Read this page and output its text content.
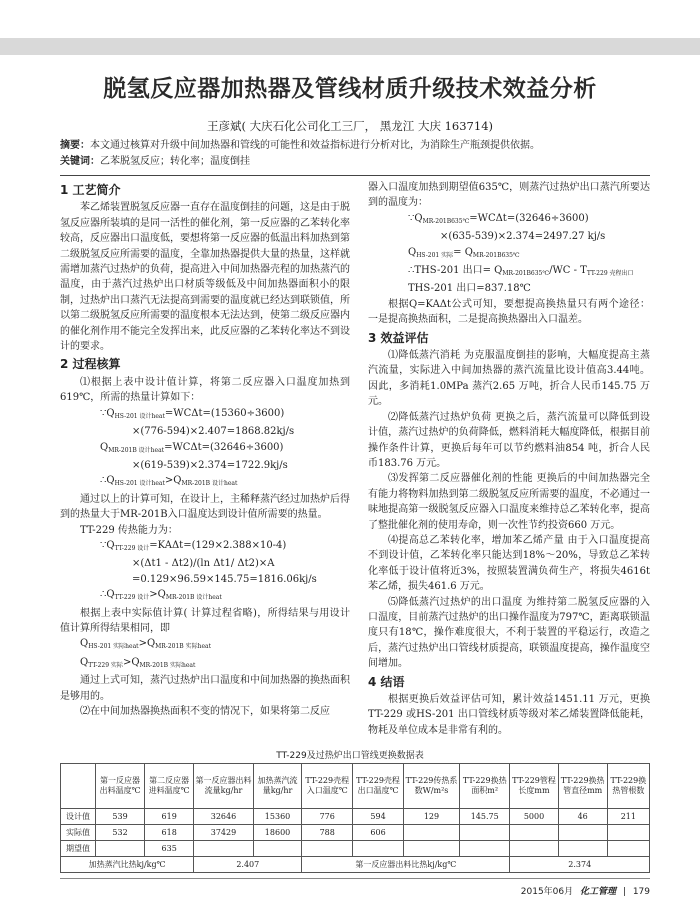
脱氢反应器加热器及管线材质升级技术效益分析
王彦斌( 大庆石化公司化工三厂， 黑龙江 大庆 163714)
摘要：本文通过核算对升级中间加热器和管线的可能性和效益指标进行分析对比，为消除生产瓶颈提供依据。
关键词：乙苯脱氢反应；转化率；温度倒挂
1 工艺简介

苯乙烯装置脱氢反应器一直存在温度倒挂的问题，这是由于脱氢反应器所装填的是同一活性的催化剂，第一反应器的乙苯转化率较高，反应器出口温度低，要想将第一反应器的低温出料加热到第二级脱氢反应所需要的温度，全靠加热器提供大量的热量，这样就需增加蒸汽过热炉的负荷，提高进入中间加热器壳程的加热蒸汽的温度，由于蒸汽过热炉出口材质等级低及中间加热器面积小的限制，过热炉出口蒸汽无法提高到需要的温度就已经达到联锁值，所以第二级脱氢反应所需要的温度根本无法达到，使第二级反应器内的催化剂作用不能完全发挥出来，此反应器的乙苯转化率达不到设计的要求。

2 过程核算

⑴根据上表中设计值计算，将第二反应器入口温度加热到619℃，所需的热量计算如下：

$\because Q_{HS-201 设计heat}=WC\Delta t=(15360\div 3600)$

×(776-594)×2.407=1868.82kj/s

$Q_{MR-201B 设计heat}=WC\Delta t=(32646\div 3600)$

×(619-539)×2.374=1722.9kj/s

$\therefore Q_{HS-201 设计heat}>Q_{MR-201B 设计heat}$

通过以上的计算可知，在设计上，主稀释蒸汽经过加热炉后得到的热量大于MR-201B入口温度达到设计值所需要的热量。

TT-229 传热能力为：

$\because Q_{TT-229 设计}=KA\Delta t=(129\times 2.388\times 10-4)$

×(Δt1 - Δt2)/(ln Δt1/ Δt2)×A

=0.129×96.59×145.75=1816.06kj/s

$\therefore Q_{TT-229 设计}>Q_{MR-201B 设计heat}$

根据上表中实际值计算( 计算过程省略)，所得结果与用设计值计算所得结果相同，即

$Q_{HS-201 实际heat}>Q_{MR-201B 实际heat}$

$Q_{TT-229 实际}>Q_{MR-201B 实际heat}$

通过上式可知，蒸汽过热炉出口温度和中间加热器的换热面积是够用的。

⑵在中间加热器换热面积不变的情况下，如果将第二反应

器入口温度加热到期望值635℃，则蒸汽过热炉出口蒸汽所要达到的温度为：

$\because Q_{MR-201B635℃}=WC\Delta t=(32646\div 3600)$

×(635-539)×2.374=2497.27 kj/s

$Q_{HS-201 实际}= Q_{MR-201B635℃}$

∴THS-201 出口= $Q_{MR-201B635℃}/WC - T_{TT-229 壳程出口}$

THS-201 出口=837.18℃

根据Q=KAΔt公式可知，要想提高换热量只有两个途径：一是提高换热面积，二是提高换热器出入口温差。

3 效益评估

⑴降低蒸汽消耗 为克服温度倒挂的影响，大幅度提高主蒸汽流量，实际进入中间加热器的蒸汽流量比设计值高3.44吨。因此，多消耗1.0MPa 蒸汽2.65 万吨，折合人民币145.75 万元。

⑵降低蒸汽过热炉负荷 更换之后，蒸汽流量可以降低到设计值，蒸汽过热炉的负荷降低，燃料消耗大幅度降低，根据目前操作条件计算，更换后每年可以节约燃料油854 吨，折合人民币183.76 万元。

⑶发挥第二反应器催化剂的性能 更换后的中间加热器完全有能力将物料加热到第二级脱氢反应所需要的温度，不必通过一味地提高第一级脱氢反应器入口温度来维持总乙苯转化率，提高了整批催化剂的使用寿命，则一次性节约投资660 万元。

⑷提高总乙苯转化率，增加苯乙烯产量 由于入口温度提高不到设计值，乙苯转化率只能达到18%～20%，导致总乙苯转化率低于设计值将近3%，按照装置满负荷生产，将损失4616t 苯乙烯，损失461.6 万元。

⑸降低蒸汽过热炉的出口温度 为维持第二脱氢反应器的入口温度，目前蒸汽过热炉的出口操作温度为797℃，距离联锁温度只有18℃，操作难度很大，不利于装置的平稳运行，改造之后，蒸汽过热炉出口管线材质提高，联锁温度提高，操作温度空间增加。

4 结语

根据更换后效益评估可知，累计效益1451.11 万元，更换TT-229 或HS-201 出口管线材质等级对苯乙烯装置降低能耗，物耗及单位成本是非常有利的。

TT-229及过热炉出口管线更换数据表
	第一反应器出料温度℃	第二反应器进料温度℃	第一反应器出料流量kg/hr	加热蒸汽流量kg/hr	TT-229壳程入口温度℃	TT-229壳程出口温度℃	TT-229传热系数W/m²s	TT-229换热面积m²	TT-229管程长度mm	TT-229换热管直径mm	TT-229换热管根数
设计值	539	619	32646	15360	776	594	129	145.75	5000	46	211
实际值	532	618	37429	18600	788	606					
期望值		635									
加热蒸汽比热kj/kg℃			2.407		第一反应器出料比热kj/kg℃				2.374		
2015年06月 化工管理 | 179
